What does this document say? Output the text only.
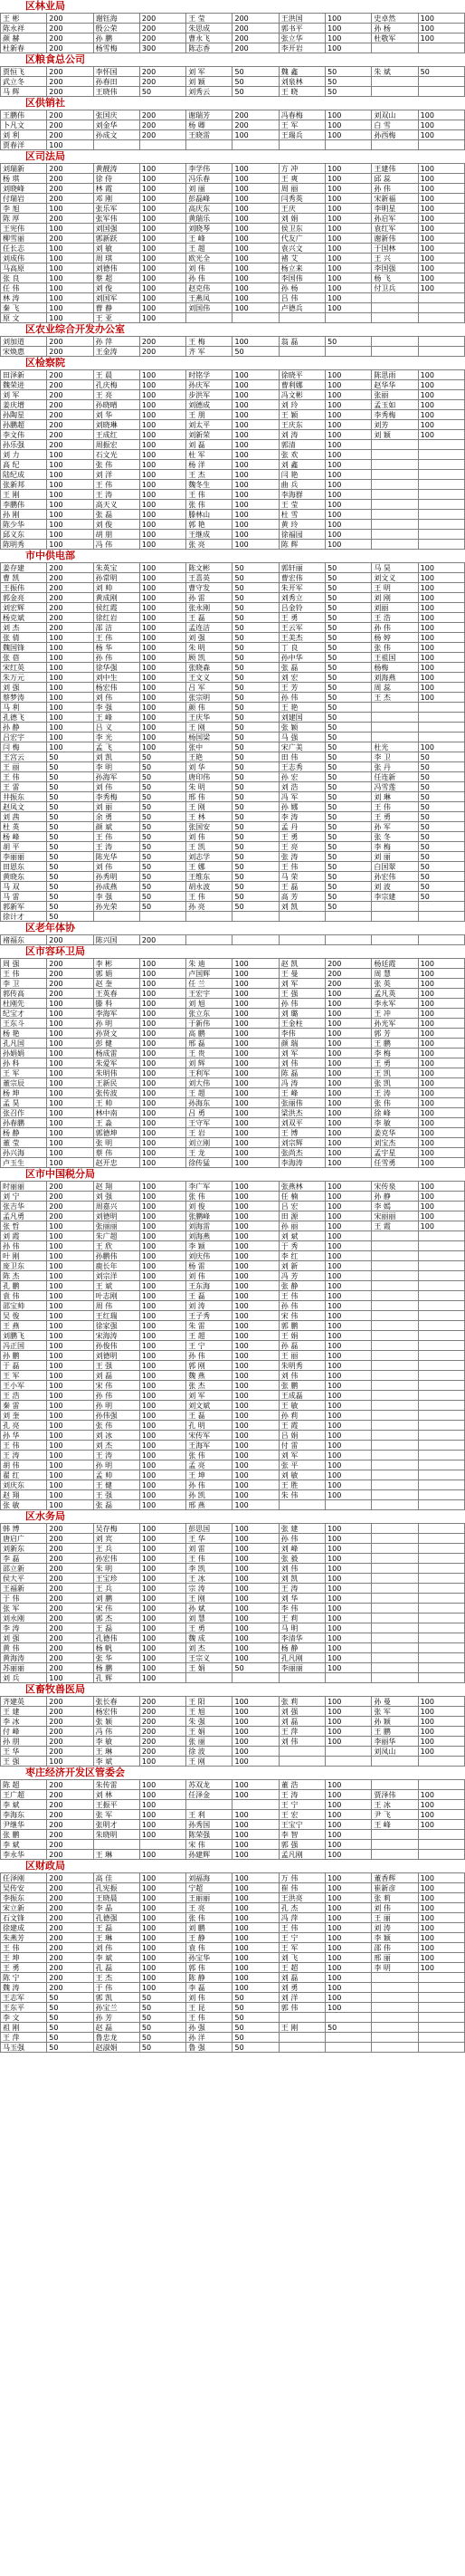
区林业局
王 彬	200	谢钰海	200	王 莹	200	王洪国	100	史卓然	100
陈永祥	200	殷公荣	200	朱思成	200	郭书平	100	孙 杨	100
颜 赫	200	孙 鹏	200	曹永飞	200	张立华	100	杜敬军	100
杜新春	200	杨雪梅	300	陈志香	200	李开岩	100		
区粮食总公司
贾恒飞	200	李怀国	200	刘 军	50	魏 鑫	50	朱 斌	50
武立冬	200	孙春田	200	刘 颖	50	刘泉林	50		
马 辉	200	王晓伟	50	刘秀云	50	王 晓	50		
区供销社
王鹏伟	200	张国庆	200	谢瑞芳	200	冯春梅	100	刘双山	100
卜凡文	200	刘金华	200	杨 卿	200	王 军	100	白 雪	100
刘 利	200	孙成文	200	王晓雷	100	王瑞兵	100	孙西梅	100
贾春洋	100								
区司法局
刘瑞新	200	黄靓涛	100	李学伟	100	方 冲	100	王建伟	100
杨 琪	200	徐 侍	100	冯乐春	100	王 爽	100	邱 蕊	100
刘晓峰	200	林 霞	100	刘 丽	100	周 丽	100	孙 伟	100
付瑞岩	200	邓 刚	100	彭磊峰	100	闫秀英	100	宋新福	100
李 旭	100	张乐军	100	高庆东	100	王庆	100	李明星	100
陈 厚	200	张军伟	100	黄瑞乐	100	刘 娟	100	孙启军	100
王宪伟	100	刘国强	100	刘晓琴	100	侯卫东	100	袁红军	100
柳雪丽	200	郭新跃	100	王 峰	100	代友广	100	谢新伟	100
任长志	100	刘 敏	100	王 超	100	袁兴文	100	于国林	100
刘成伟	100	周 琪	100	欧光全	100	褚 艾	100	王 兴	100
马高原	100	刘德伟	100	刘 伟	100	杨立来	100	李国强	100
张 良	100	蔡 超	100	孙 伟	100	李国伟	100	杨 飞	100
任 伟	100	刘 俊	100	赵克伟	100	孙 杨	100	付卫兵	100
林 涛	100	刘国军	100	王燕凤	100	吕 伟	100		
秦 飞	100	曹 静	100	刘国伟	100	卢德兵	100		
原 文	100	王 亚	100						
区农业综合开发办公室
刘加道	200	孙 萍	200	王 梅	100	翁 磊	50		
宋焕惠	200	王金涛	200	齐 军	50				
区检察院
田泽新	200	王 晨	100	时铭学	100	徐晓平	100	陈思雨	100
魏荣进	200	孔庆梅	100	孙庆军	100	曹利娜	100	赵华华	100
刘 军	200	王 亮	100	步洪军	100	冯文彬	100	张丽	100
姜庆增	200	孙晓晴	100	刘德成	100	刘 玲	100	孟玉如	100
孙陶星	200	刘 华	100	王 朋	100	王 颖	100	李秀梅	100
孙鹏超	200	刘晓琳	100	刘太平	100	王庆东	100	刘芳	100
李文伟	200	王成红	100	刘新荣	100	刘 涛	100	刘 颖	100
孙乐强	200	周振宏	100	刘 磊	100	郭清	100		
刘 力	100	石文光	100	杜 军	100	张 欢	100		
高 纪	100	张 伟	100	杨 洋	100	刘 鑫	100		
陆纪成	100	刘 洋	100	王 杰	100	闫 艳	100		
张新邦	100	王 伟	100	魏冬生	100	曲 兵	100		
王 刚	100	王 涛	100	王 伟	100	李海群	100		
李鹏伟	100	高天义	100	张 伟	100	王 莹	100		
孙 刚	100	张 磊	100	滕林山	100	杜 雪	100		
陈少华	100	刘 俊	100	郭 艳	100	黄 玲	100		
邱义东	100	胡 朋	100	王继成	100	徐福园	100		
陈明秀	100	冯 伟	100	张 亮	100	陈 辉	100		
市中供电部
姜存建	200	朱英宝	100	陈文彬	50	郭轩丽	50	马 昊	100
曹 凯	200	孙常明	100	王喜英	50	曹宏伟	50	刘文义	100
王振伟	200	刘 帅	100	曹守发	50	朱开军	50	王 明	100
郭金亮	200	黄成刚	100	孙 雷	50	刘秀立	50	刘 刚	100
刘宏辉	200	侯红霞	100	张永刚	50	吕金铃	50	刘丽	100
杨克斌	200	徐红岩	100	王 磊	50	王 勇	50	王 浩	100
刘 杰	200	邵 洁	100	孟连洁	50	王云军	50	孙 伟	100
张 倩	100	王 伟	100	刘 强	50	王美杰	50	杨 婷	100
魏国锋	100	杨 华	100	朱 明	50	丁 良	50	张 伟	100
张 蓓	100	孙 伟	100	顾 凯	50	孙中华	50	王祖国	100
宋红英	100	徐华强	100	张晓森	50	张 磊	50	杨梅	100
朱万元	100	刘中生	100	王文义	50	刘 宏	50	刘海燕	100
刘 强	100	杨宏伟	100	吕 军	50	王 芳	50	周 蕊	100
蔡梦涛	100	刘 伟	100	张宗明	50	孙 伟	50	王 杰	100
马 利	100	李 强	100	颜 伟	50	王 艳	50		
孔德飞	100	王 峰	100	王庆华	50	刘建国	50		
孙 静	100	吕 义	100	王 刚	50	张 颖	50		
吕宏宇	100	李 光	100	杨国梁	50	马 强	50		
闫 梅	100	孟 飞	100	张中	50	宋广美	50	杜光	100
王宫云	50	刘 凯	50	王艳	50	田 伟	50	李 卫	50
王 丽	50	李 明	50	刘 华	50	王志秀	50	张 丹	50
王 伟	50	孙海军	50	唐印伟	50	孙 宏	50	任连新	50
王 雷	50	刘 伟	50	朱 明	50	刘 浩	50	冯雪莲	50
井振东	50	李秀梅	50	邢 伟	50	冯 军	50	刘 琳	50
赵凤文	50	刘 丽	50	王 刚	50	孙 娜	50	王 伟	50
刘 茜	50	余 勇	50	王 林	50	李 涛	50	王 勇	50
杜 英	50	颜 斌	50	张国安	50	孟 丹	50	孙 军	50
杨 峰	50	王 伟	50	刘 伟	50	王 勇	50	张 冬	50
胡 平	50	王 涛	50	王 凯	50	王 亮	50	李 梅	50
李丽丽	50	陈光华	50	刘志学	50	张 涛	50	刘 丽	50
田恩东	50	刘 伟	50	王 娜	50	王 伟	50	白国翠	50
黄晓东	50	孙秀明	50	王维东	50	马 荣	50	孙宏伟	50
马 双	50	孙成燕	50	胡永波	50	王 磊	50	刘 波	50
马 雷	50	李 强	50	王 伟	50	高 芳	50	李宗建	50
郭新军	50	孙光荣	50	孙 亮	50	刘 凯	50		
徐计才	50								
区老年体协
褚福东	200	陈兴国	200						
区市容环卫局
周 强	200	李 彬	100	朱 迪	100	赵 凯	200	杨廷霞	100
王 伟	200	郭 娟	100	卢国辉	100	王 曼	200	周 慧	100
李 卫	200	赵 奎	100	任 兰	100	刘 军	200	张 英	100
郭传高	200	王英春	100	王宏宇	100	王 强	100	孟凡英	100
杜刚先	100	滕 科	100	刘 旭	100	孙 伟	100	李永军	100
纪宝才	100	李海军	100	张立东	100	刘 璐	100	王 冲	100
王东斗	100	孙 明	100	于新伟	100	王金柱	100	孙光军	100
杨 艳	100	孙贤文	100	高 鹏	100	李伟	100	郭 芳	100
孔凡国	100	彭 健	100	邢 磊	100	颜 瑞	100	王 鹏	100
孙娟娟	100	杨成雷	100	王 贵	100	刘 军	100	李 梅	100
孙 科	100	朱爱军	100	刘 辉	100	刘 伟	100	王 勇	100
王 军	100	朱明伟	100	王利军	100	陈 磊	100	王 凯	100
董宗辰	100	王新民	100	刘大伟	100	冯 涛	100	张 凯	100
杨 坤	100	张传波	100	王 超	100	王 峰	100	王 涛	100
孟 昊	100	王 帅	100	孙海东	100	张丽伟	100	张 伟	100
张召作	100	林中南	100	吕 勇	100	梁洪杰	100	徐 峰	100
孙春鹏	100	王 淼	100	王守军	100	刘双平	100	李 敏	100
杨 静	100	郭德坤	100	王 岩	100	王 博	100	姜克华	100
董 莹	100	张 明	100	刘立刚	100	刘宗辉	100	刘宝杰	100
孙兴海	100	蔡 伟	100	王 龙	100	张尚杰	100	孟宇星	100
卢玉生	100	赵开忠	100	徐传猛	100	李海涛	100	任雪勇	100
区市中国税分局
时丽丽	200	赵 翔	100	李广军	100	张燕林	100	宋传泉	100
刘 宁	200	刘 强	100	张 伟	100	任 楠	100	孙 静	100
张吉华	200	周嘉兴	100	刘 俊	100	吕 宏	100	李 嫣	100
孟凡勇	200	刘德明	100	张鹏峰	100	田 源	100	宋丽丽	100
张 哲	100	张丽丽	100	刘海雷	100	孙 丽	100	王 霞	100
刘 霞	100	朱广超	100	刘海燕	100	刘 斌	100		
孙 伟	100	王 欣	100	李 颖	100	于 秀	100		
叶 刚	100	孙鹏伟	100	刘庆伟	100	李 红	100		
庞卫东	100	鹿长年	100	杨 雷	100	刘 新	100		
陈 杰	100	刘宗洋	100	刘 伟	100	冯 芳	100		
孔 鹏	100	王 斌	100	王东海	100	张 静	100		
袁 伟	100	叶志刚	100	王 磊	100	王 伟	100		
邵宝帅	100	周 伟	100	刘 涛	100	孙 伟	100		
吴 俊	100	王红瑞	100	王子秀	100	宋 伟	100		
王 燕	100	徐家强	100	朱 雷	100	郭 鹏	100		
刘鹏飞	100	宋海涛	100	王 超	100	王 娟	100		
冯正国	100	孙俊伟	100	王 宁	100	孙 磊	100		
孙 鹏	100	刘德明	100	孙 伟	100	王 丽	100		
于 磊	100	王 强	100	郭 刚	100	朱明秀	100		
王 军	100	刘 磊	100	魏 燕	100	刘 伟	100		
王小军	100	宋 伟	100	张 杰	100	张 鹏	100		
王 浩	100	孙 伟	100	刘 军	100	王成磊	100		
秦 雷	100	孙 明	100	刘文斌	100	王 敏	100		
刘 奎	100	孙伟强	100	王 磊	100	孙 莉	100		
孔 亮	100	张 伟	100	孔 明	100	王 霞	100		
孙 华	100	刘 冰	100	宋传军	100	吕 娟	100		
王 伟	100	刘 杰	100	王海军	100	付 雷	100		
王 涛	100	王 涛	100	张 伟	100	刘 军	100		
胡 伟	100	孙 明	100	孟 亮	100	张 平	100		
翟 红	100	孟 帅	100	王 坤	100	刘 敏	100		
刘庆东	100	王 健	100	孙 伟	100	王 胜	100		
赵 翔	100	王 强	100	孙 凯	100	朱 伟	100		
张 敏	100	张 磊	100	邢 燕	100				
区水务局
韩 博	200	吴存梅	100	彭思国	100	张 建	100		
唐启广	200	刘 宾	100	王 华	100	孙 伟	100		
刘新东	200	王 兵	100	刘 雷	100	刘 峰	100		
李 磊	200	孙宏伟	100	王 伟	100	张 毅	100		
邵立新	200	朱 明	100	李 凯	100	刘 伟	100		
侯大平	200	王宝珍	100	王 冰	100	刘 凯	100		
王福新	200	王 兵	100	宗 涛	100	王 涛	100		
于 伟	200	刘 鹏	100	王 刚	100	刘 华	100		
张 军	200	宋 伟	100	孙 斌	100	李 伟	100		
刘永刚	200	郭 杰	100	刘 慧	100	王 莉	100		
李 涛	200	王 磊	100	王 勇	100	马 明	100		
刘 强	200	孔德伟	100	魏 成	100	李清华	100		
黄 伟	200	杨 帆	100	刘 杰	100	杨 静	100		
黄海涛	200	张 华	100	王宗义	100	孔凡刚	100		
苏丽丽	200	杨 鹏	100	王 娟	50	李丽丽	100		
刘 兵	100	孔 辉	100						
区畜牧兽医局
齐建英	200	张长春	200	王 阳	100	张 莉	100	孙 曼	100
王 建	200	杨宏伟	200	王 旭	100	刘 强	100	张 军	100
李 冰	200	张 颖	200	朱 强	100	刘 磊	100	孙 颖	100
付 峰	200	冯 伟	200	王 娟	100	王 萍	100	王 鹏	100
孙 朋	200	李 敏	200	张 丽	100	刘 伟	100	李丽华	100
王 华	200	王 琳	200	徐 波	100			刘凤山	100
王 强	100	李 斌	100	王 刚	100				
枣庄经济开发区管委会
陈 超	200	朱传雷	100	苏双龙	100	董 浩	100		
王广超	200	刘 林	100	任泽金	100	王 涛	100	贾泽伟	100
李 斌	200	王振平	100			王 宁	100	王 冰	100
李海东	200	张 军	100	王 利	100	王 宏	100	尹 飞	100
尹继华	200	张明才	100	孙秀国	100	王宝宁	100	王 峰	100
张 鹏	200	朱晓明	100	陈荣强	100	李 智	100		
李 斌	200			宋 伟	100	郭 强	100		
李永华	200	王 琳	100	孙建辉	100	孟凡刚	100		
区财政局
任泽刚	200	高 佳	100	刘福海	100	万 伟	100	董香辉	100
吴传安	200	孔宪振	100	宁超	100	崔 伟	100	崔新彦	100
李振东	200	王晓晨	100	王丽丽	100	王洪亮	100	张 莉	100
宋立新	200	李 晶	100	王 亮	100	孔 杰	100	刘 伟	100
石文锋	200	孔德强	100	张 伟	100	冯 萍	100	王 丽	100
徐建成	200	王 磊	100	刘 鹏	100	王 伟	100	刘 涛	100
朱燕芳	200	王 琳	100	王 静	100	王 宁	100	李 颖	100
王 伟	200	刘 伟	100	袁 伟	100	王 军	100	邵 伟	100
王 坤	200	李 斌	100	孙宝华	100	刘 飞	100	邢 丽	100
王 勇	200	孔 磊	100	郭 伟	100	王 超	100	李 明	100
陈 宁	200	王 杰	100	陈 静	100	刘 磊	100		
魏 涛	200	于 伟	100	李 磊	100	刘 勇	100		
王志军	50	郭 凯	50	刘 伟	50	刘 洋	100		
王东平	50	孙宝兰	50	王 昆	50	郭 伟	100		
李 文	50	孙 芳	50	王 伟	50				
祖 刚	50	赵 磊	50	孙 强	50	王 刚	50		
王 萍	50	鲁忠龙	50	孙 洋	50				
马玉强	50	赵淑娟	50	鲁 强	50				
